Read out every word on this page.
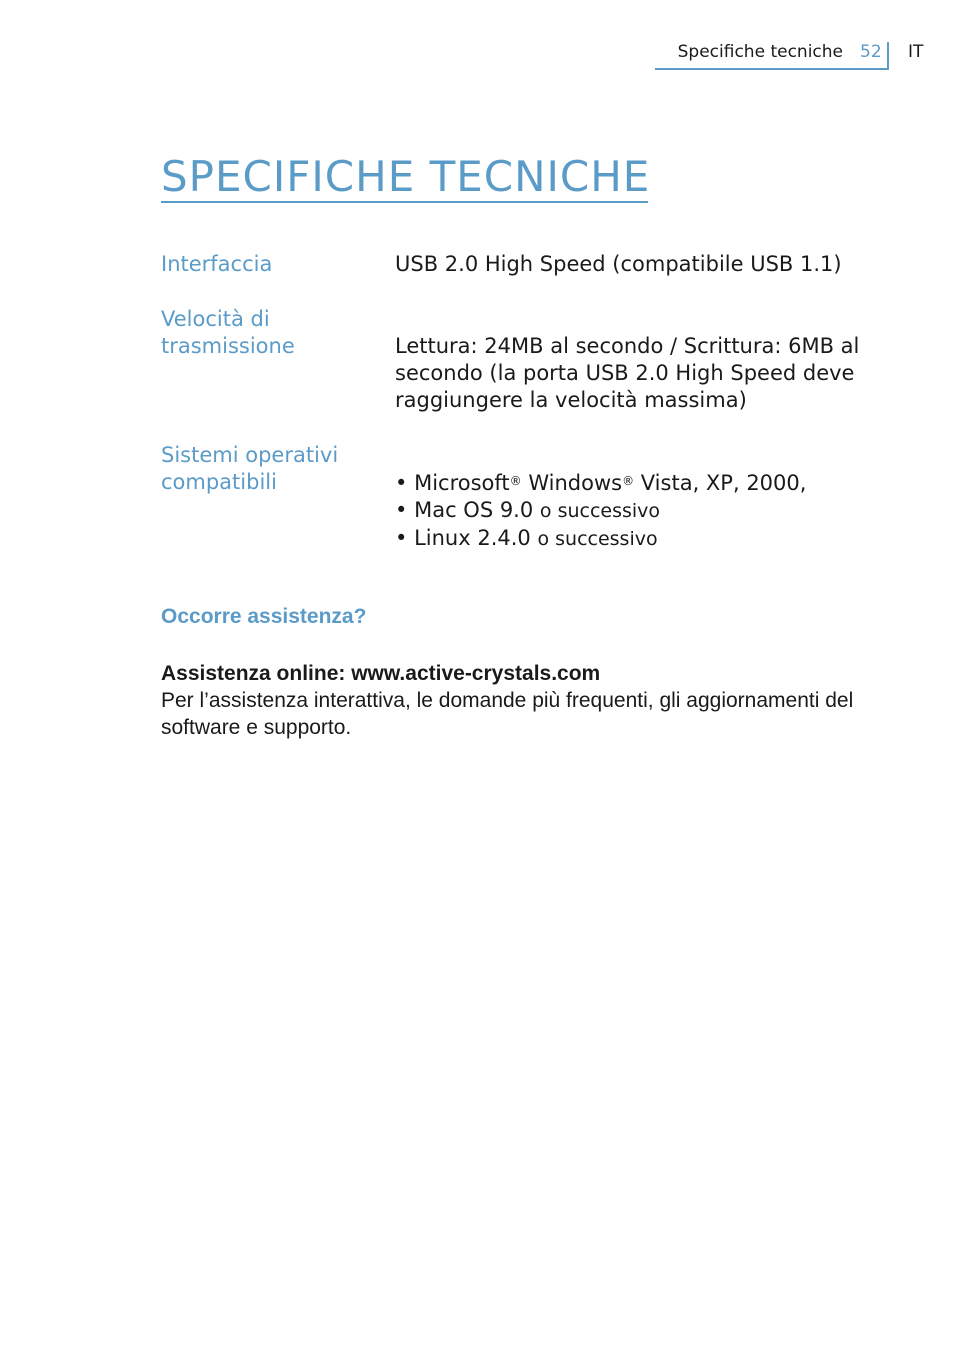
Specifiche tecniche 52 IT
SPECIFICHE TECNICHE
Interfaccia	USB 2.0 High Speed (compatibile USB 1.1)
Velocità di
trasmissione	Lettura: 24MB al secondo / Scrittura: 6MB al secondo (la porta USB 2.0 High Speed deve raggiungere la velocità massima)
Sistemi operativi
compatibili	• Microsoft® Windows® Vista, XP, 2000,
• Mac OS 9.0 o successivo
• Linux 2.4.0 o successivo
Occorre assistenza?
Assistenza online: www.active-crystals.com
Per l’assistenza interattiva, le domande più frequenti, gli aggiornamenti del software e supporto.
